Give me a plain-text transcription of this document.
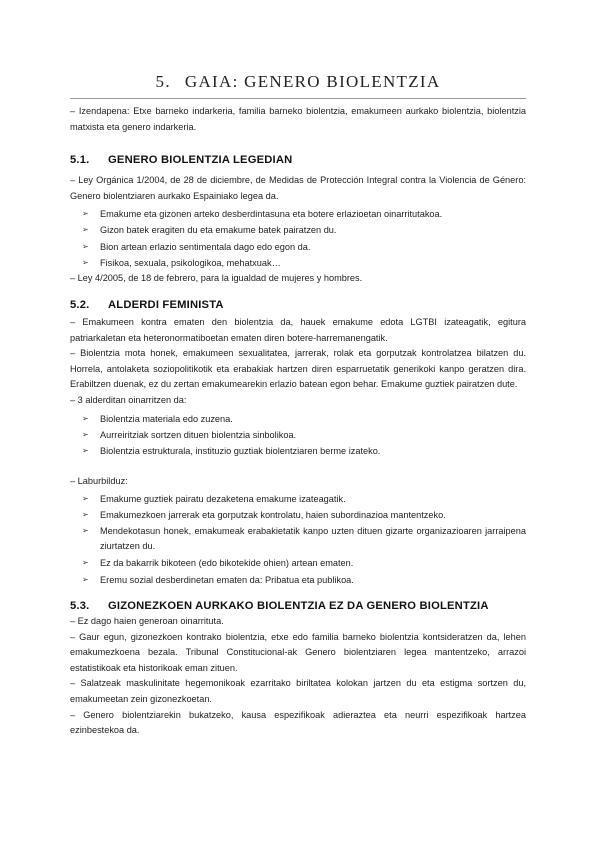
5. GAIA: GENERO BIOLENTZIA

– Izendapena: Etxe barneko indarkeria, familia barneko biolentzia, emakumeen aurkako biolentzia, biolentzia matxista eta genero indarkeria.

5.1. GENERO BIOLENTZIA LEGEDIAN

– Ley Orgánica 1/2004, de 28 de diciembre, de Medidas de Protección Integral contra la Violencia de Género: Genero biolentziaren aurkako Espainiako legea da.

➢ Emakume eta gizonen arteko desberdintasuna eta botere erlazioetan oinarritutakoa.
➢ Gizon batek eragiten du eta emakume batek pairatzen du.
➢ Bion artean erlazio sentimentala dago edo egon da.
➢ Fisikoa, sexuala, psikologikoa, mehatxuak…

– Ley 4/2005, de 18 de febrero, para la igualdad de mujeres y hombres.

5.2. ALDERDI FEMINISTA

– Emakumeen kontra ematen den biolentzia da, hauek emakume edota LGTBI izateagatik, egitura patriarkaletan eta heteronormatiboetan ematen diren botere-harremanengatik.

– Biolentzia mota honek, emakumeen sexualitatea, jarrerak, rolak eta gorputzak kontrolatzea bilatzen du. Horrela, antolaketa soziopolitikotik eta erabakiak hartzen diren esparruetatik generikoki kanpo geratzen dira. Erabiltzen duenak, ez du zertan emakumearekin erlazio batean egon behar. Emakume guztiek pairatzen dute.

– 3 alderditan oinarritzen da:

➢ Biolentzia materiala edo zuzena.
➢ Aurreiritziak sortzen dituen biolentzia sinbolikoa.
➢ Biolentzia estrukturala, instituzio guztiak biolentziaren berme izateko.

– Laburbilduz:

➢ Emakume guztiek pairatu dezaketena emakume izateagatik.
➢ Emakumezkoen jarrerak eta gorputzak kontrolatu, haien subordinazioa mantentzeko.
➢ Mendekotasun honek, emakumeak erabakietatik kanpo uzten dituen gizarte organizazioaren jarraipena ziurtatzen du.
➢ Ez da bakarrik bikoteen (edo bikotekide ohien) artean ematen.
➢ Eremu sozial desberdinetan ematen da: Pribatua eta publikoa.
5.3. GIZONEZKOEN AURKAKO BIOLENTZIA EZ DA GENERO BIOLENTZIA

– Ez dago haien generoan oinarrituta.

– Gaur egun, gizonezkoen kontrako biolentzia, etxe edo familia barneko biolentzia kontsideratzen da, lehen emakumezkoena bezala. Tribunal Constitucional-ak Genero biolentziaren legea mantentzeko, arrazoi estatistikoak eta historikoak eman zituen.

– Salatzeak maskulinitate hegemonikoak ezarritako biriltatea kolokan jartzen du eta estigma sortzen du, emakumeetan zein gizonezkoetan.

– Genero biolentziarekin bukatzeko, kausa espezifikoak adieraztea eta neurri espezifikoak hartzea ezinbestekoa da.
